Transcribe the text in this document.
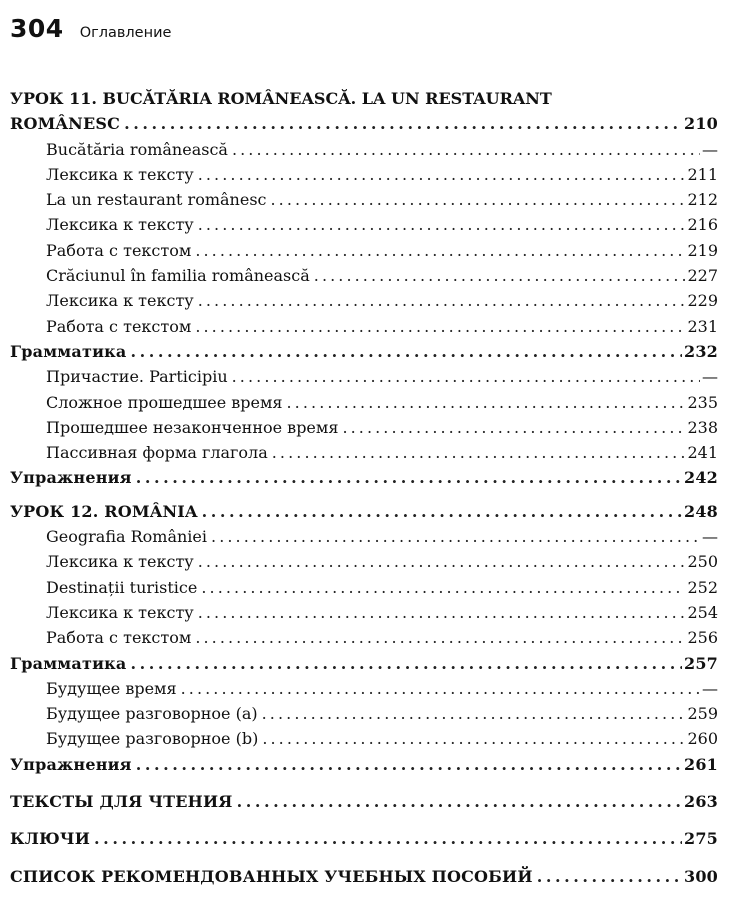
304 Оглавление
УРОК 11. BUCĂTĂRIA ROMÂNEASCĂ. LA UN RESTAURANT
ROMÂNESC . . .	210
Bucătăria românească . . .	—
Лексика к тексту . . .	211
La un restaurant românesc . . .	212
Лексика к тексту . . .	216
Работа с текстом . . .	219
Crăciunul în familia românească . . .	227
Лексика к тексту . . .	229
Работа с текстом . . .	231
Грамматика . . .	232
Причастие. Participiu . . .	—
Сложное прошедшее время . . .	235
Прошедшее незаконченное время . . .	238
Пассивная форма глагола . . .	241
Упражнения . . .	242
УРОК 12. ROMÂNIA . . .	248
Geografia României . . .	—
Лексика к тексту . . .	250
Destinații turistice . . .	252
Лексика к тексту . . .	254
Работа с текстом . . .	256
Грамматика . . .	257
Будущее время . . .	—
Будущее разговорное (a) . . .	259
Будущее разговорное (b) . . .	260
Упражнения . . .	261
ТЕКСТЫ ДЛЯ ЧТЕНИЯ . . .	263
КЛЮЧИ . . .	275
СПИСОК РЕКОМЕНДОВАННЫХ УЧЕБНЫХ ПОСОБИЙ . . .	300
